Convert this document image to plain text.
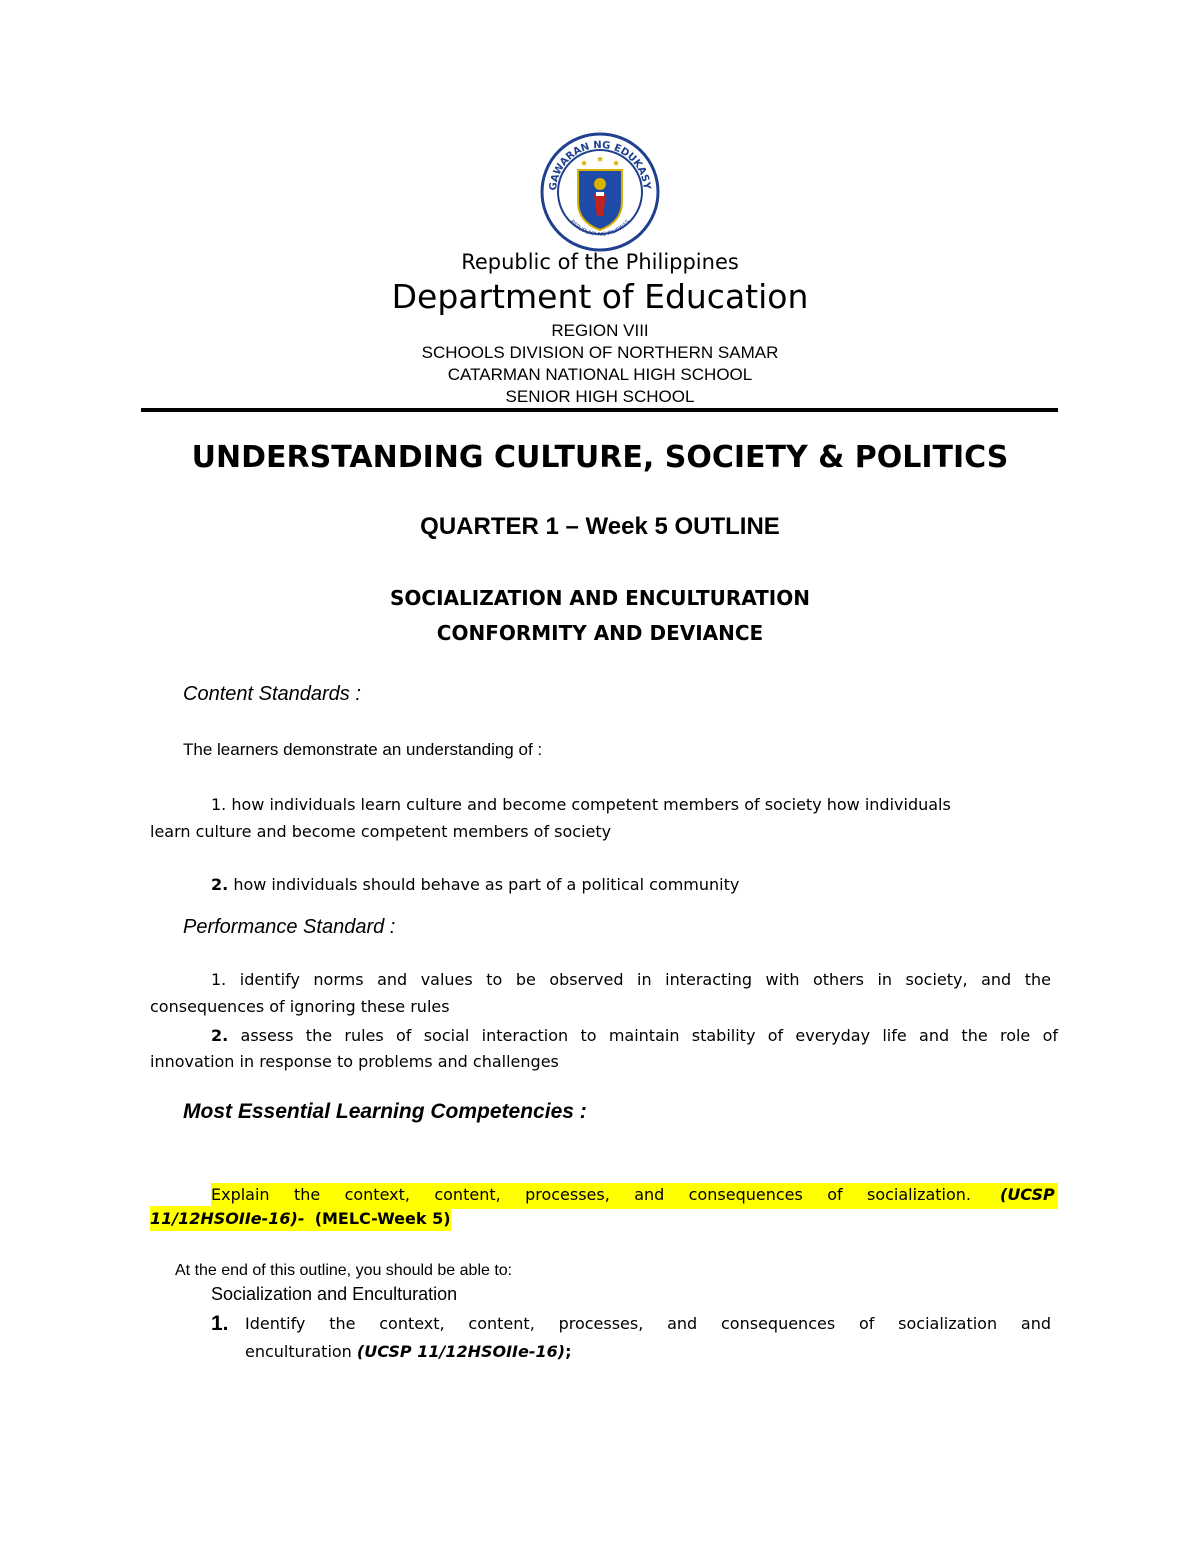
GAWARAN NG EDUKASY
REPUBLIKA NG PILIPINAS
★ ★ ★
Republic of the Philippines
Department of Education
REGION VIII
SCHOOLS DIVISION OF NORTHERN SAMAR
CATARMAN NATIONAL HIGH SCHOOL
SENIOR HIGH SCHOOL
UNDERSTANDING CULTURE, SOCIETY & POLITICS
QUARTER 1 – Week 5 OUTLINE
SOCIALIZATION AND ENCULTURATION
CONFORMITY AND DEVIANCE
Content Standards :
The learners demonstrate an understanding of :
1. how individuals learn culture and become competent members of society how individuals
learn culture and become competent members of society
2. how individuals should behave as part of a political community
Performance Standard :
1. identify norms and values to be observed in interacting with others in society, and the
consequences of ignoring these rules
2. assess the rules of social interaction to maintain stability of everyday life and the role of
innovation in response to problems and challenges
Most Essential Learning Competencies :
Explain the context, content, processes, and consequences of socialization. (UCSP
11/12HSOIIe-16)- (MELC-Week 5)
At the end of this outline, you should be able to:
Socialization and Enculturation
1. Identify the context, content, processes, and consequences of socialization and
enculturation (UCSP 11/12HSOIIe-16);
